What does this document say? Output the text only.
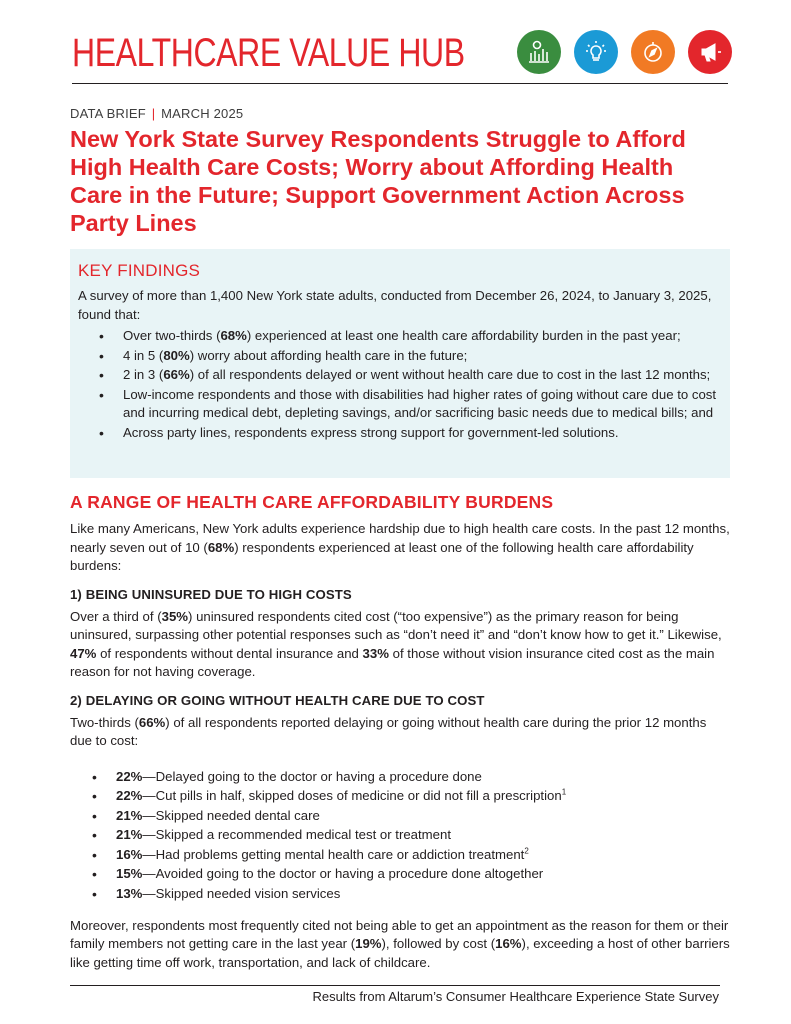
HEALTHCARE VALUE HUB
DATA BRIEF | MARCH 2025
New York State Survey Respondents Struggle to Afford High Health Care Costs; Worry about Affording Health Care in the Future; Support Government Action Across Party Lines
KEY FINDINGS

A survey of more than 1,400 New York state adults, conducted from December 26, 2024, to January 3, 2025, found that:

• Over two-thirds (68%) experienced at least one health care affordability burden in the past year;
• 4 in 5 (80%) worry about affording health care in the future;
• 2 in 3 (66%) of all respondents delayed or went without health care due to cost in the last 12 months;
• Low-income respondents and those with disabilities had higher rates of going without care due to cost and incurring medical debt, depleting savings, and/or sacrificing basic needs due to medical bills; and
• Across party lines, respondents express strong support for government-led solutions.
A RANGE OF HEALTH CARE AFFORDABILITY BURDENS

Like many Americans, New York adults experience hardship due to high health care costs. In the past 12 months, nearly seven out of 10 (68%) respondents experienced at least one of the following health care affordability burdens:

1) BEING UNINSURED DUE TO HIGH COSTS

Over a third of (35%) uninsured respondents cited cost (“too expensive”) as the primary reason for being uninsured, surpassing other potential responses such as “don’t need it” and “don’t know how to get it.” Likewise, 47% of respondents without dental insurance and 33% of those without vision insurance cited cost as the main reason for not having coverage.

2) DELAYING OR GOING WITHOUT HEALTH CARE DUE TO COST

Two-thirds (66%) of all respondents reported delaying or going without health care during the prior 12 months due to cost:

• 22%—Delayed going to the doctor or having a procedure done
• 22%—Cut pills in half, skipped doses of medicine or did not fill a prescription$^1$
• 21%—Skipped needed dental care
• 21%—Skipped a recommended medical test or treatment
• 16%—Had problems getting mental health care or addiction treatment$^2$
• 15%—Avoided going to the doctor or having a procedure done altogether
• 13%—Skipped needed vision services

Moreover, respondents most frequently cited not being able to get an appointment as the reason for them or their family members not getting care in the last year (19%), followed by cost (16%), exceeding a host of other barriers like getting time off work, transportation, and lack of childcare.

Results from Altarum’s Consumer Healthcare Experience State Survey
